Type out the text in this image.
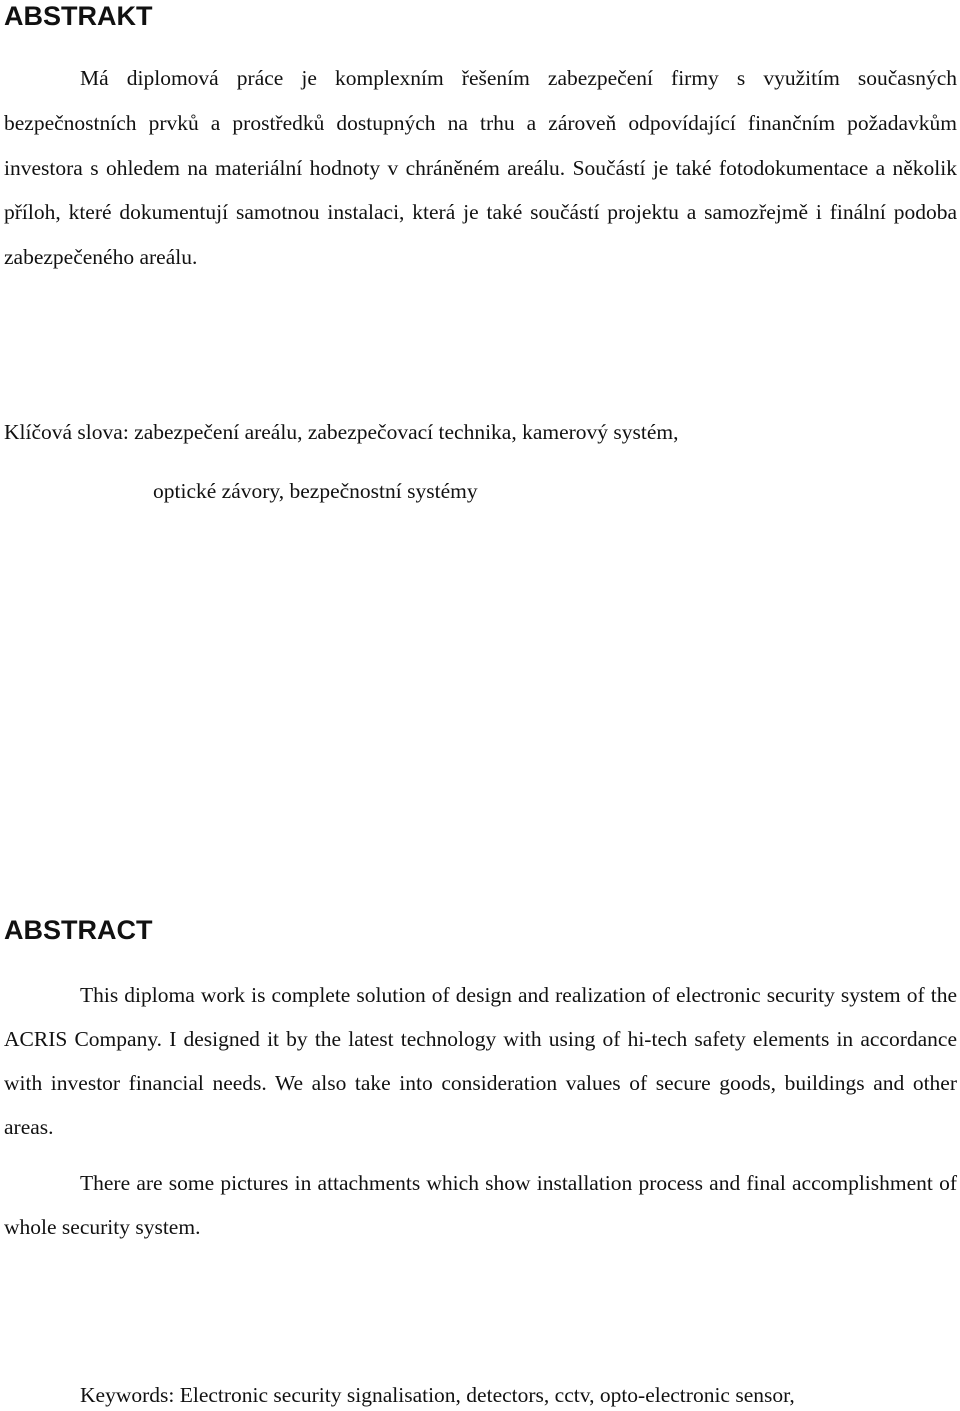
ABSTRAKT

Má diplomová práce je komplexním řešením zabezpečení firmy s využitím současných bezpečnostních prvků a prostředků dostupných na trhu a zároveň odpovídající finančním požadavkům investora s ohledem na materiální hodnoty v chráněném areálu. Součástí je také fotodokumentace a několik příloh, které dokumentují samotnou instalaci, která je také součástí projektu a samozřejmě i finální podoba zabezpečeného areálu.

Klíčová slova: zabezpečení areálu, zabezpečovací technika, kamerový systém,

optické závory, bezpečnostní systémy

ABSTRACT

This diploma work is complete solution of design and realization of electronic security system of the ACRIS Company. I designed it by the latest technology with using of hi-tech safety elements in accordance with investor financial needs. We also take into consideration values of secure goods, buildings and other areas.

There are some pictures in attachments which show installation process and final accomplishment of whole security system.

Keywords: Electronic security signalisation, detectors, cctv, opto-electronic sensor,
